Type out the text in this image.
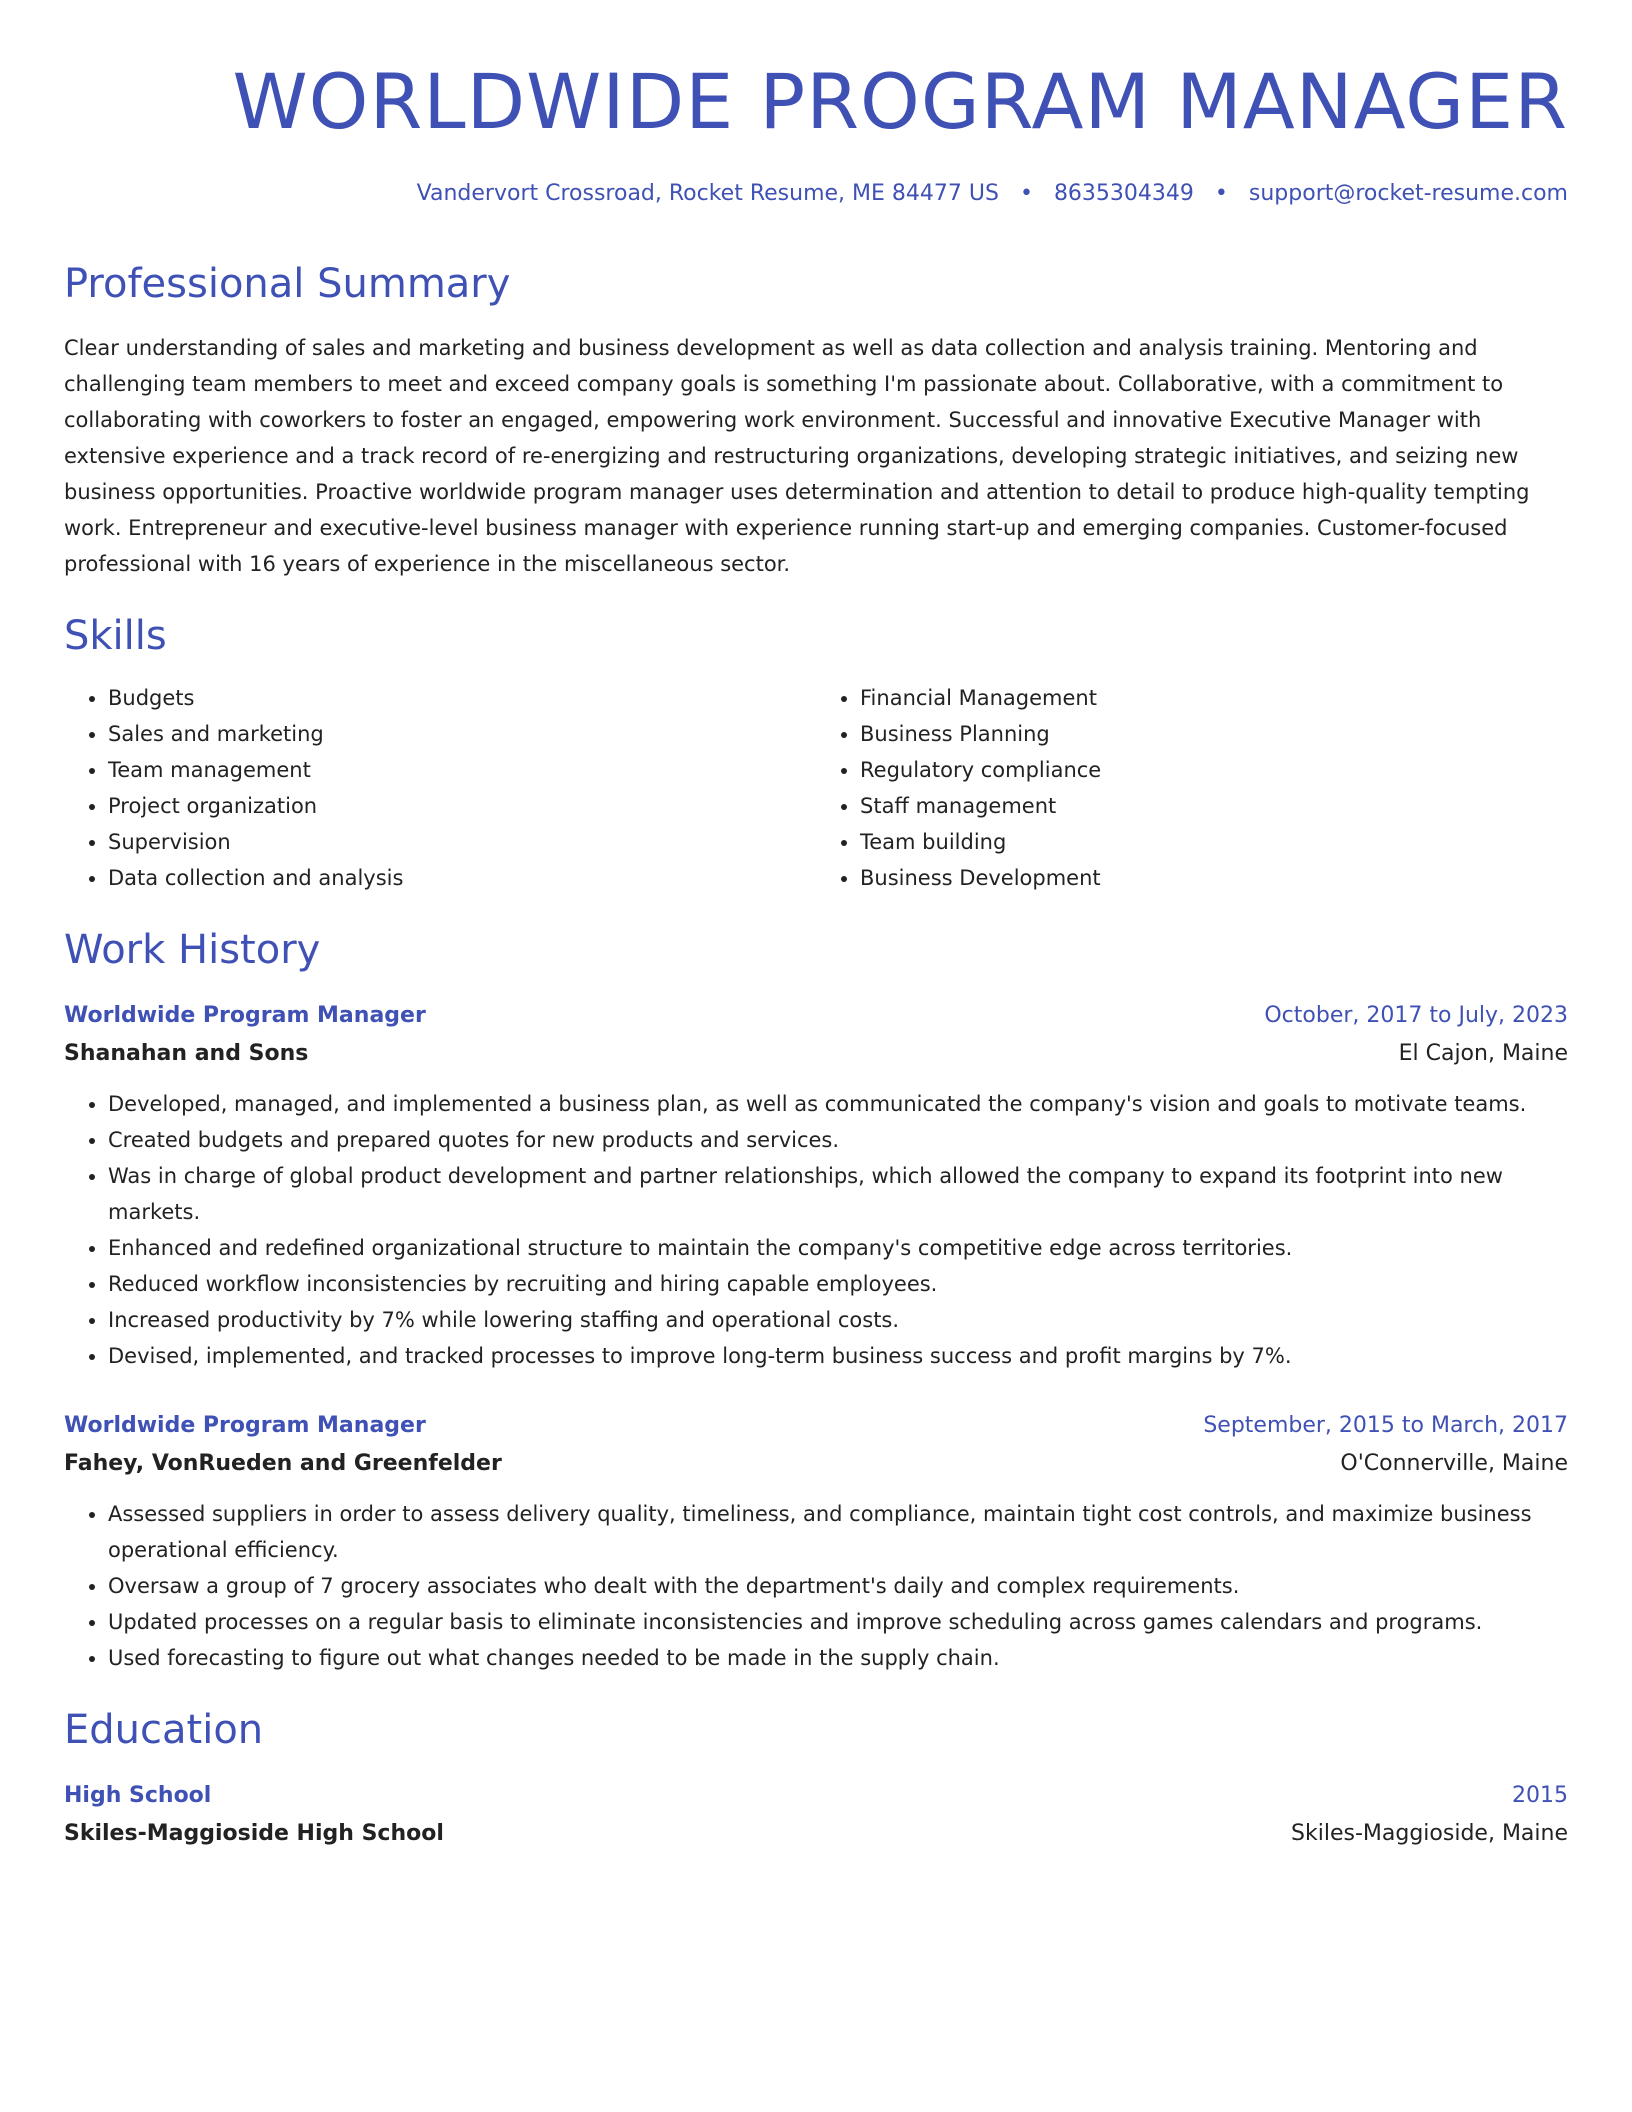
WORLDWIDE PROGRAM MANAGER
Vandervort Crossroad, Rocket Resume, ME 84477 US • 8635304349 • support@rocket-resume.com
Professional Summary
Clear understanding of sales and marketing and business development as well as data collection and analysis training. Mentoring and challenging team members to meet and exceed company goals is something I'm passionate about. Collaborative, with a commitment to collaborating with coworkers to foster an engaged, empowering work environment. Successful and innovative Executive Manager with extensive experience and a track record of re-energizing and restructuring organizations, developing strategic initiatives, and seizing new business opportunities. Proactive worldwide program manager uses determination and attention to detail to produce high-quality tempting work. Entrepreneur and executive-level business manager with experience running start-up and emerging companies. Customer-focused professional with 16 years of experience in the miscellaneous sector.
Skills
• Budgets
• Sales and marketing
• Team management
• Project organization
• Supervision
• Data collection and analysis
• Financial Management
• Business Planning
• Regulatory compliance
• Staff management
• Team building
• Business Development
Work History
Worldwide Program Manager	October, 2017 to July, 2023
Shanahan and Sons	El Cajon, Maine
• Developed, managed, and implemented a business plan, as well as communicated the company's vision and goals to motivate teams.
• Created budgets and prepared quotes for new products and services.
• Was in charge of global product development and partner relationships, which allowed the company to expand its footprint into new markets.
• Enhanced and redefined organizational structure to maintain the company's competitive edge across territories.
• Reduced workflow inconsistencies by recruiting and hiring capable employees.
• Increased productivity by 7% while lowering staffing and operational costs.
• Devised, implemented, and tracked processes to improve long-term business success and profit margins by 7%.
Worldwide Program Manager	September, 2015 to March, 2017
Fahey, VonRueden and Greenfelder	O'Connerville, Maine
• Assessed suppliers in order to assess delivery quality, timeliness, and compliance, maintain tight cost controls, and maximize business operational efficiency.
• Oversaw a group of 7 grocery associates who dealt with the department's daily and complex requirements.
• Updated processes on a regular basis to eliminate inconsistencies and improve scheduling across games calendars and programs.
• Used forecasting to figure out what changes needed to be made in the supply chain.
Education
High School	2015
Skiles-Maggioside High School	Skiles-Maggioside, Maine
